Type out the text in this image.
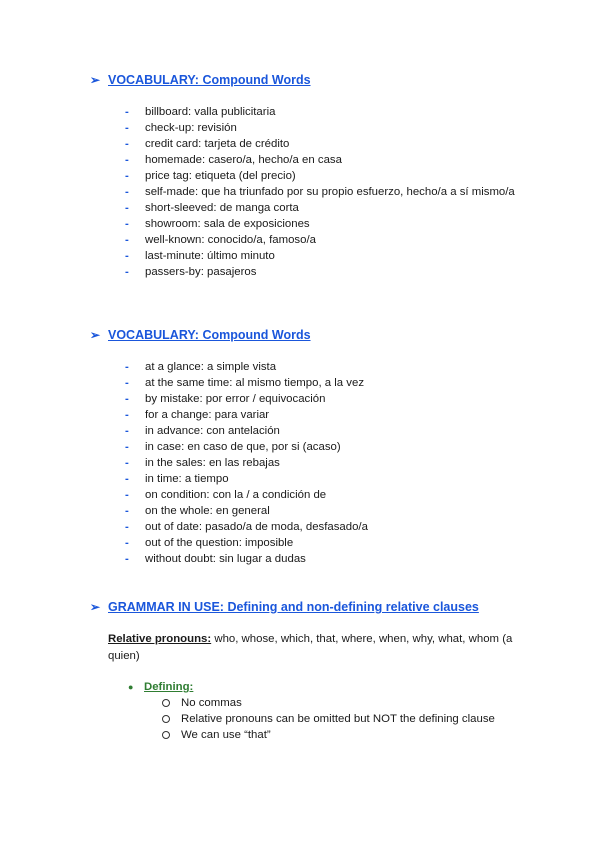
➢ VOCABULARY: Compound Words
- billboard: valla publicitaria
- check-up: revisión
- credit card: tarjeta de crédito
- homemade: casero/a, hecho/a en casa
- price tag: etiqueta (del precio)
- self-made: que ha triunfado por su propio esfuerzo, hecho/a a sí mismo/a
- short-sleeved: de manga corta
- showroom: sala de exposiciones
- well-known: conocido/a, famoso/a
- last-minute: último minuto
- passers-by: pasajeros
➢ VOCABULARY: Compound Words
- at a glance: a simple vista
- at the same time: al mismo tiempo, a la vez
- by mistake: por error / equivocación
- for a change: para variar
- in advance: con antelación
- in case: en caso de que, por si (acaso)
- in the sales: en las rebajas
- in time: a tiempo
- on condition: con la / a condición de
- on the whole: en general
- out of date: pasado/a de moda, desfasado/a
- out of the question: imposible
- without doubt: sin lugar a dudas
➢ GRAMMAR IN USE: Defining and non-defining relative clauses
Relative pronouns: who, whose, which, that, where, when, why, what, whom (a quien)
● Defining:
No commas
Relative pronouns can be omitted but NOT the defining clause
We can use “that”
